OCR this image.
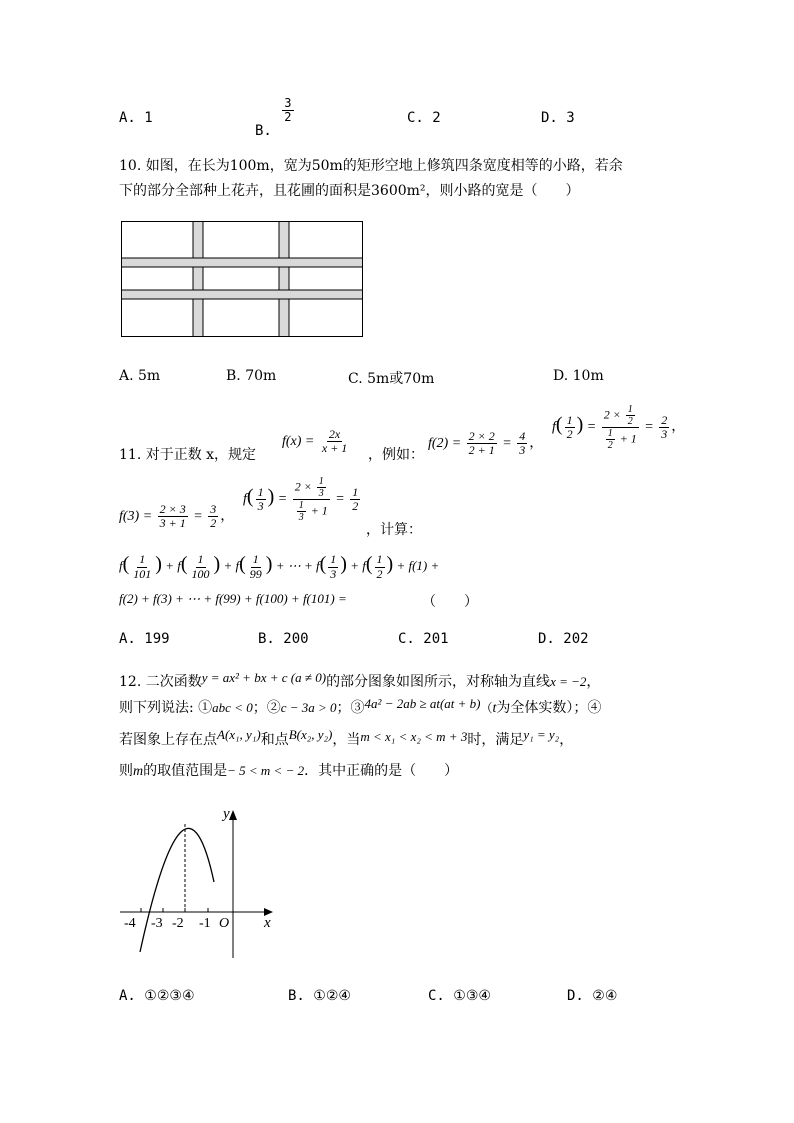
A. 1
B.
$\frac{3}{2}$	C. 2	D. 3
10. 如图，在长为100m，宽为50m的矩形空地上修筑四条宽度相等的小路，若余
下的部分全部种上花卉，且花圃的面积是3600m²，则小路的宽是（　　）
A. 5m	B. 70m	C. 5m或70m	D. 10m
11. 对于正数 x，规定
$f(x) = \frac{2x}{x + 1}$ ，例如：
$f(2) = \frac{2 \times 2}{2 + 1} = \frac{4}{3}$ ，
$f( \frac{1}{2}$ ) = $\frac{2 \times \frac{1}{2}}{\frac{1}{2} + 1} = \frac{2}{3}$ ，
$f(3) = \frac{2 \times 3}{3 + 1} = \frac{3}{2}$ ，
$f( \frac{1}{3}$ ) = $\frac{2 \times \frac{1}{3}}{\frac{1}{3} + 1} = \frac{1}{2}$
，计算：
$f( \frac{1}{101}$ ) + $f( \frac{1}{100}$ ) + $f( \frac{1}{99}$ ) + ⋯ + $f( \frac{1}{3}$ ) + $f( \frac{1}{2}$ ) + f(1) +
f(2) + f(3) + ⋯ + f(99) + f(100) + f(101) =	（　　）
A. 199	B. 200	C. 201	D. 202
12. 二次函数y = ax² + bx + c (a ≠ 0)的部分图象如图所示，对称轴为直线x = −2，
则下列说法: ①abc < 0；②c − 3a > 0；③4a² − 2ab ≥ at(at + b)（t为全体实数）；④
若图象上存在点A(x₁, y₁)和点B(x₂, y₂)，当m < x₁ < x₂ < m + 3时，满足y₁ = y₂，
则m的取值范围是− 5 < m < − 2．其中正确的是（　　）
-4 -3 -2 -1 O x
y
A. ①②③④	B. ①②④	C. ①③④	D. ②④
